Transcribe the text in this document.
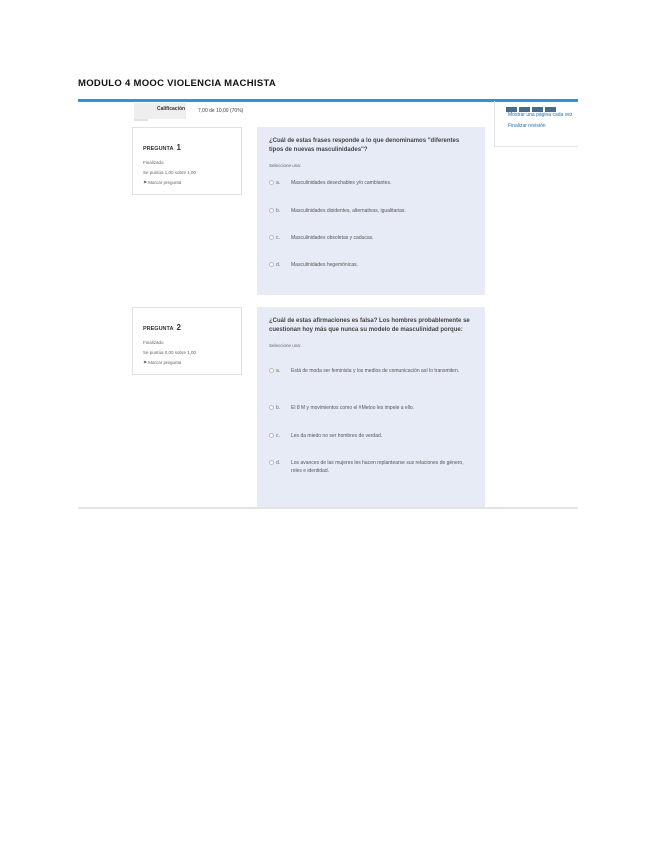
MODULO 4 MOOC VIOLENCIA MACHISTA
Calificación	7,00 de 10,00 (70%)
Mostrar una página cada vez
Finalizar revisión
PREGUNTA 1
Finalizado
Se puntúa 1,00 sobre 1,00
⚑ Marcar pregunta
¿Cuál de estas frases responde a lo que denominamos "diferentes tipos de nuevas masculinidades"?
Seleccione una:
a. Masculinidades desechables y/o cambiantes.
b. Masculinidades disidentes, alternativas, igualitarias.
c. Masculinidades obsoletas y caducas.
d. Masculinidades hegemónicas.
PREGUNTA 2
Finalizado
Se puntúa 0,00 sobre 1,00
⚑ Marcar pregunta
¿Cuál de estas afirmaciones es falsa? Los hombres probablemente se cuestionan hoy más que nunca su modelo de masculinidad porque:
Seleccione una:
a. Está de moda ser feminista y los medios de comunicación así lo transmiten.
b. El 8 M y movimientos como el #Metoo les impele a ello.
c. Les da miedo no ser hombres de verdad.
d. Los avances de las mujeres les hacen replantearse sus relaciones de género, roles e identidad.
